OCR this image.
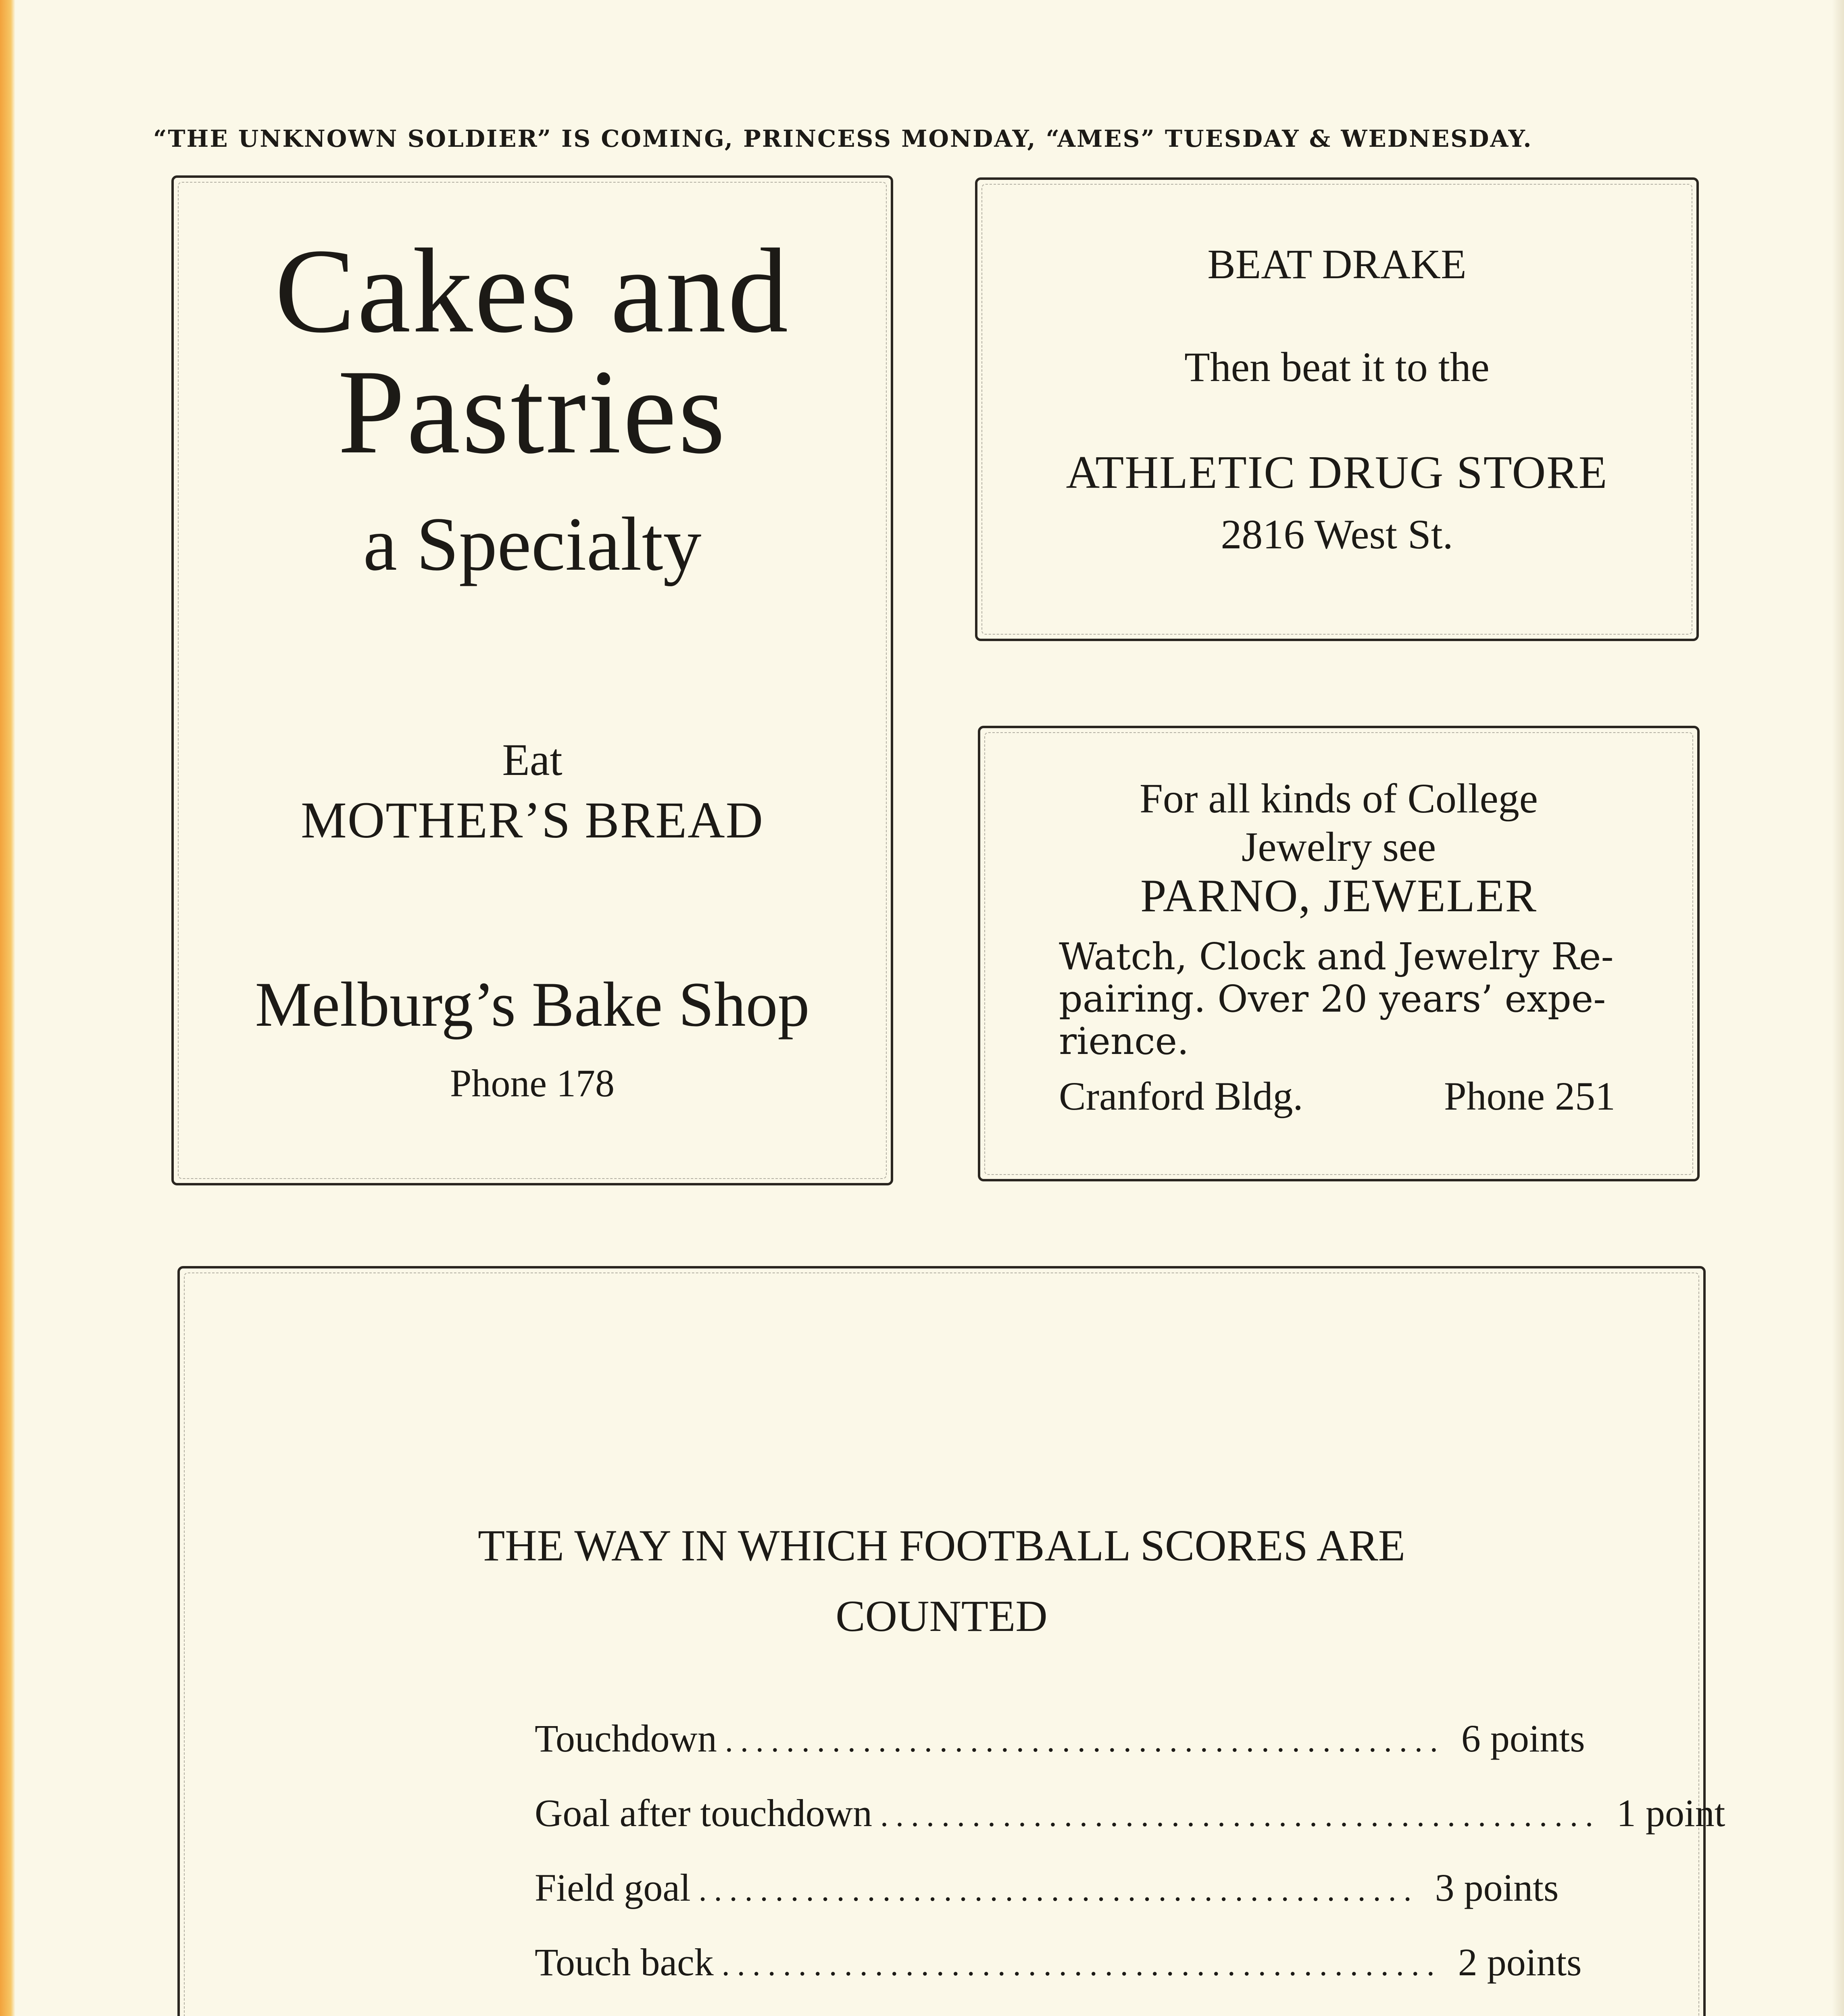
“THE UNKNOWN SOLDIER” IS COMING, PRINCESS MONDAY, “AMES” TUESDAY & WEDNESDAY.
Cakes and
Pastries
a Specialty
Eat
MOTHER’S BREAD
Melburg’s Bake Shop
Phone 178
BEAT DRAKE
Then beat it to the
ATHLETIC DRUG STORE
2816 West St.
For all kinds of College
Jewelry see
PARNO, JEWELER
Watch, Clock and Jewelry Re-
pairing. Over 20 years’ expe-
rience.
Cranford Bldg.	Phone 251
THE WAY IN WHICH FOOTBALL SCORES ARE
COUNTED
Touchdown ............................................... 6 points
Goal after touchdown ............................................... 1 point
Field goal ............................................... 3 points
Touch back ............................................... 2 points
